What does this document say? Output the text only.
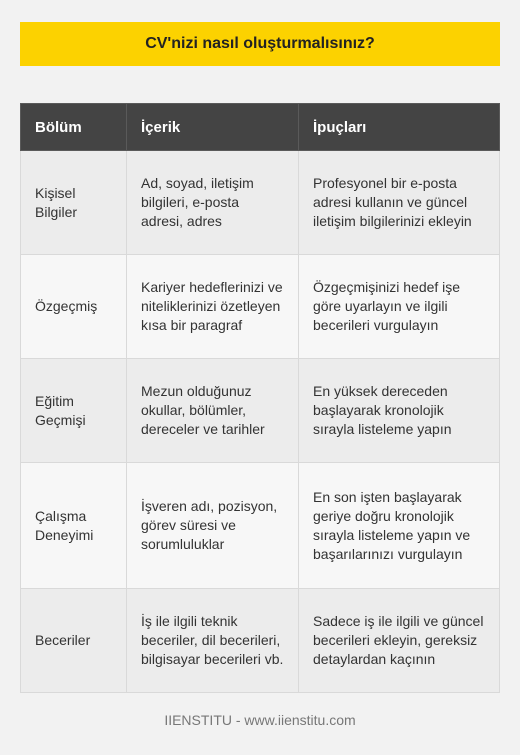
CV'nizi nasıl oluşturmalısınız?
Bölüm	İçerik	İpuçları
Kişisel Bilgiler	Ad, soyad, iletişim bilgileri, e-posta adresi, adres	Profesyonel bir e-posta adresi kullanın ve güncel iletişim bilgilerinizi ekleyin
Özgeçmiş	Kariyer hedeflerinizi ve niteliklerinizi özetleyen kısa bir paragraf	Özgeçmişinizi hedef işe göre uyarlayın ve ilgili becerileri vurgulayın
Eğitim Geçmişi	Mezun olduğunuz okullar, bölümler, dereceler ve tarihler	En yüksek dereceden başlayarak kronolojik sırayla listeleme yapın
Çalışma Deneyimi	İşveren adı, pozisyon, görev süresi ve sorumluluklar	En son işten başlayarak geriye doğru kronolojik sırayla listeleme yapın ve başarılarınızı vurgulayın
Beceriler	İş ile ilgili teknik beceriler, dil becerileri, bilgisayar becerileri vb.	Sadece iş ile ilgili ve güncel becerileri ekleyin, gereksiz detaylardan kaçının
IIENSTITU - www.iienstitu.com
